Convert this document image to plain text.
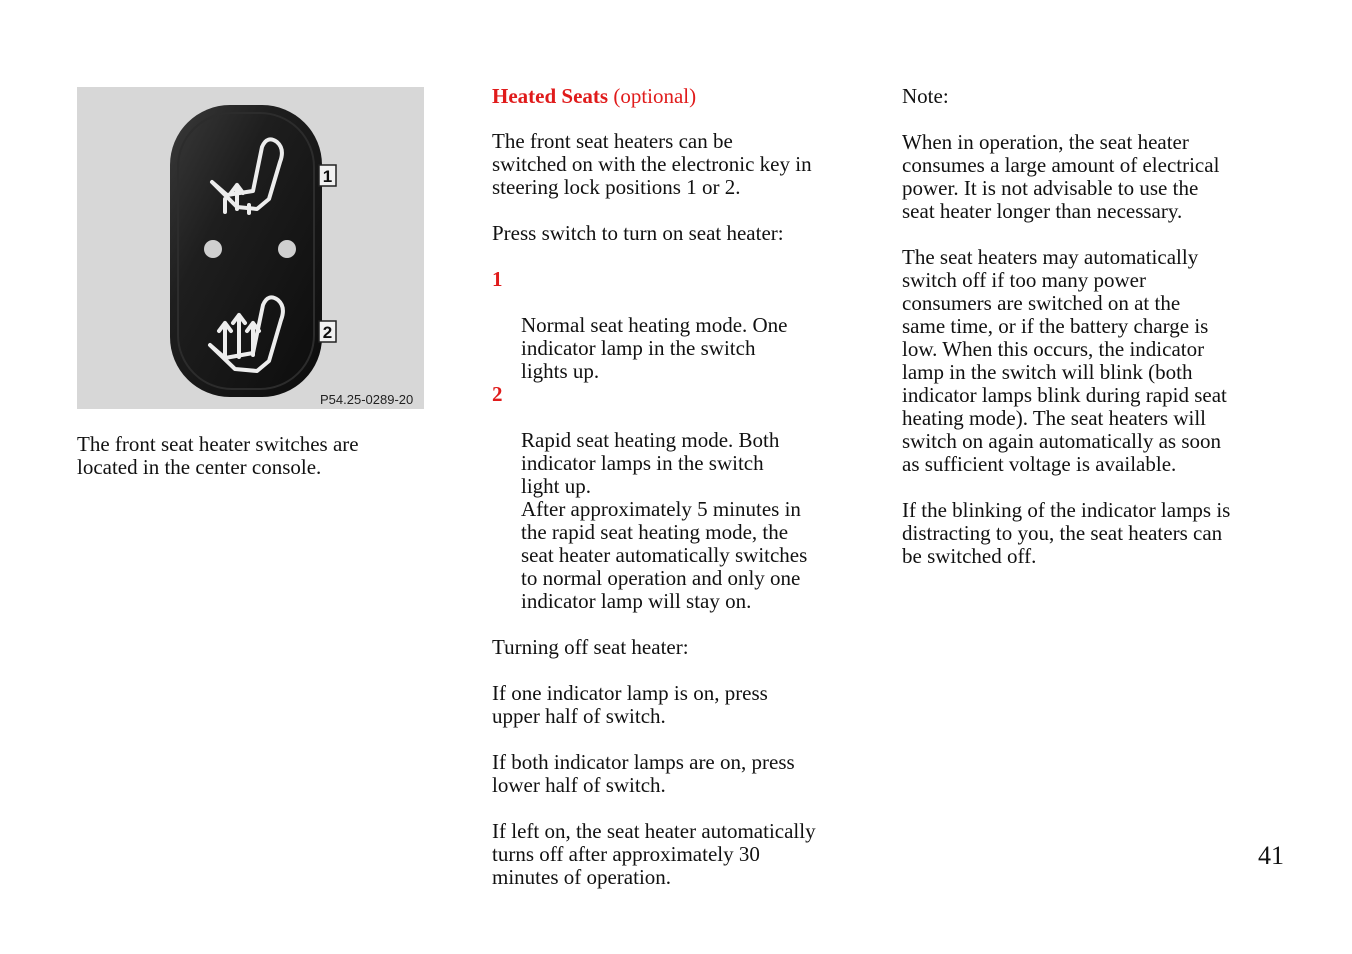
1
2
P54.25-0289-20
The front seat heater switches are
located in the center console.

Heated Seats (optional)

The front seat heaters can be
switched on with the electronic key in
steering lock positions 1 or 2.

Press switch to turn on seat heater:

1

Normal seat heating mode. One
indicator lamp in the switch
lights up.

2

Rapid seat heating mode. Both
indicator lamps in the switch
light up.
After approximately 5 minutes in
the rapid seat heating mode, the
seat heater automatically switches
to normal operation and only one
indicator lamp will stay on.

Turning off seat heater:

If one indicator lamp is on, press
upper half of switch.

If both indicator lamps are on, press
lower half of switch.

If left on, the seat heater automatically
turns off after approximately 30
minutes of operation.

Note:

When in operation, the seat heater
consumes a large amount of electrical
power. It is not advisable to use the
seat heater longer than necessary.

The seat heaters may automatically
switch off if too many power
consumers are switched on at the
same time, or if the battery charge is
low. When this occurs, the indicator
lamp in the switch will blink (both
indicator lamps blink during rapid seat
heating mode). The seat heaters will
switch on again automatically as soon
as sufficient voltage is available.

If the blinking of the indicator lamps is
distracting to you, the seat heaters can
be switched off.

41
